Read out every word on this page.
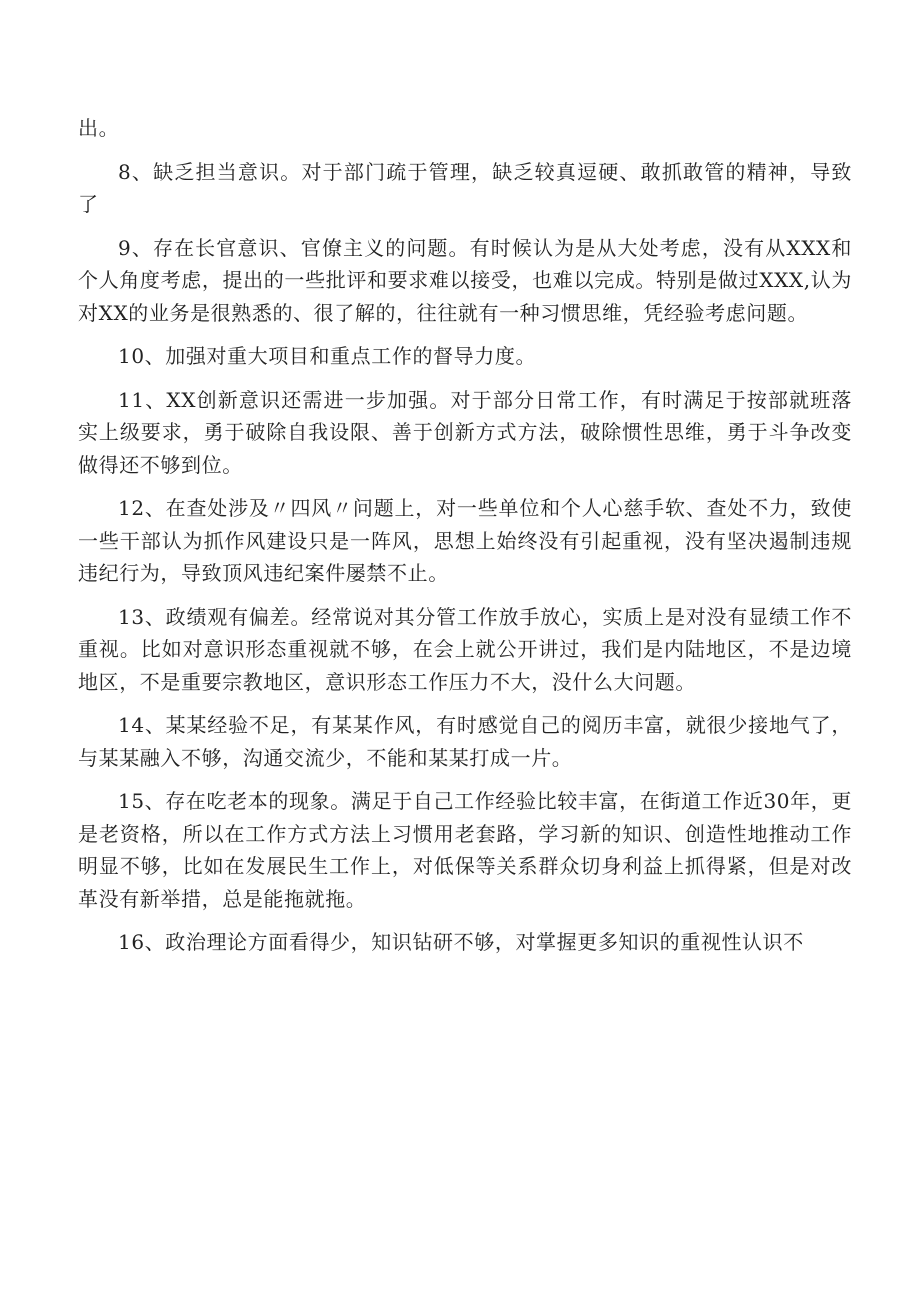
出。

8、缺乏担当意识。对于部门疏于管理，缺乏较真逗硬、敢抓敢管的精神，导致了

9、存在长官意识、官僚主义的问题。有时候认为是从大处考虑，没有从XXX和个人角度考虑，提出的一些批评和要求难以接受，也难以完成。特别是做过XXX,认为对XX的业务是很熟悉的、很了解的，往往就有一种习惯思维，凭经验考虑问题。

10、加强对重大项目和重点工作的督导力度。

11、XX创新意识还需进一步加强。对于部分日常工作，有时满足于按部就班落实上级要求，勇于破除自我设限、善于创新方式方法，破除惯性思维，勇于斗争改变做得还不够到位。

12、在查处涉及〃四风〃问题上，对一些单位和个人心慈手软、查处不力，致使一些干部认为抓作风建设只是一阵风，思想上始终没有引起重视，没有坚决遏制违规违纪行为，导致顶风违纪案件屡禁不止。

13、政绩观有偏差。经常说对其分管工作放手放心，实质上是对没有显绩工作不重视。比如对意识形态重视就不够，在会上就公开讲过，我们是内陆地区，不是边境地区，不是重要宗教地区，意识形态工作压力不大，没什么大问题。

14、某某经验不足，有某某作风，有时感觉自己的阅历丰富，就很少接地气了，与某某融入不够，沟通交流少，不能和某某打成一片。

15、存在吃老本的现象。满足于自己工作经验比较丰富，在街道工作近30年，更是老资格，所以在工作方式方法上习惯用老套路，学习新的知识、创造性地推动工作明显不够，比如在发展民生工作上，对低保等关系群众切身利益上抓得紧，但是对改革没有新举措，总是能拖就拖。

16、政治理论方面看得少，知识钻研不够，对掌握更多知识的重视性认识不
